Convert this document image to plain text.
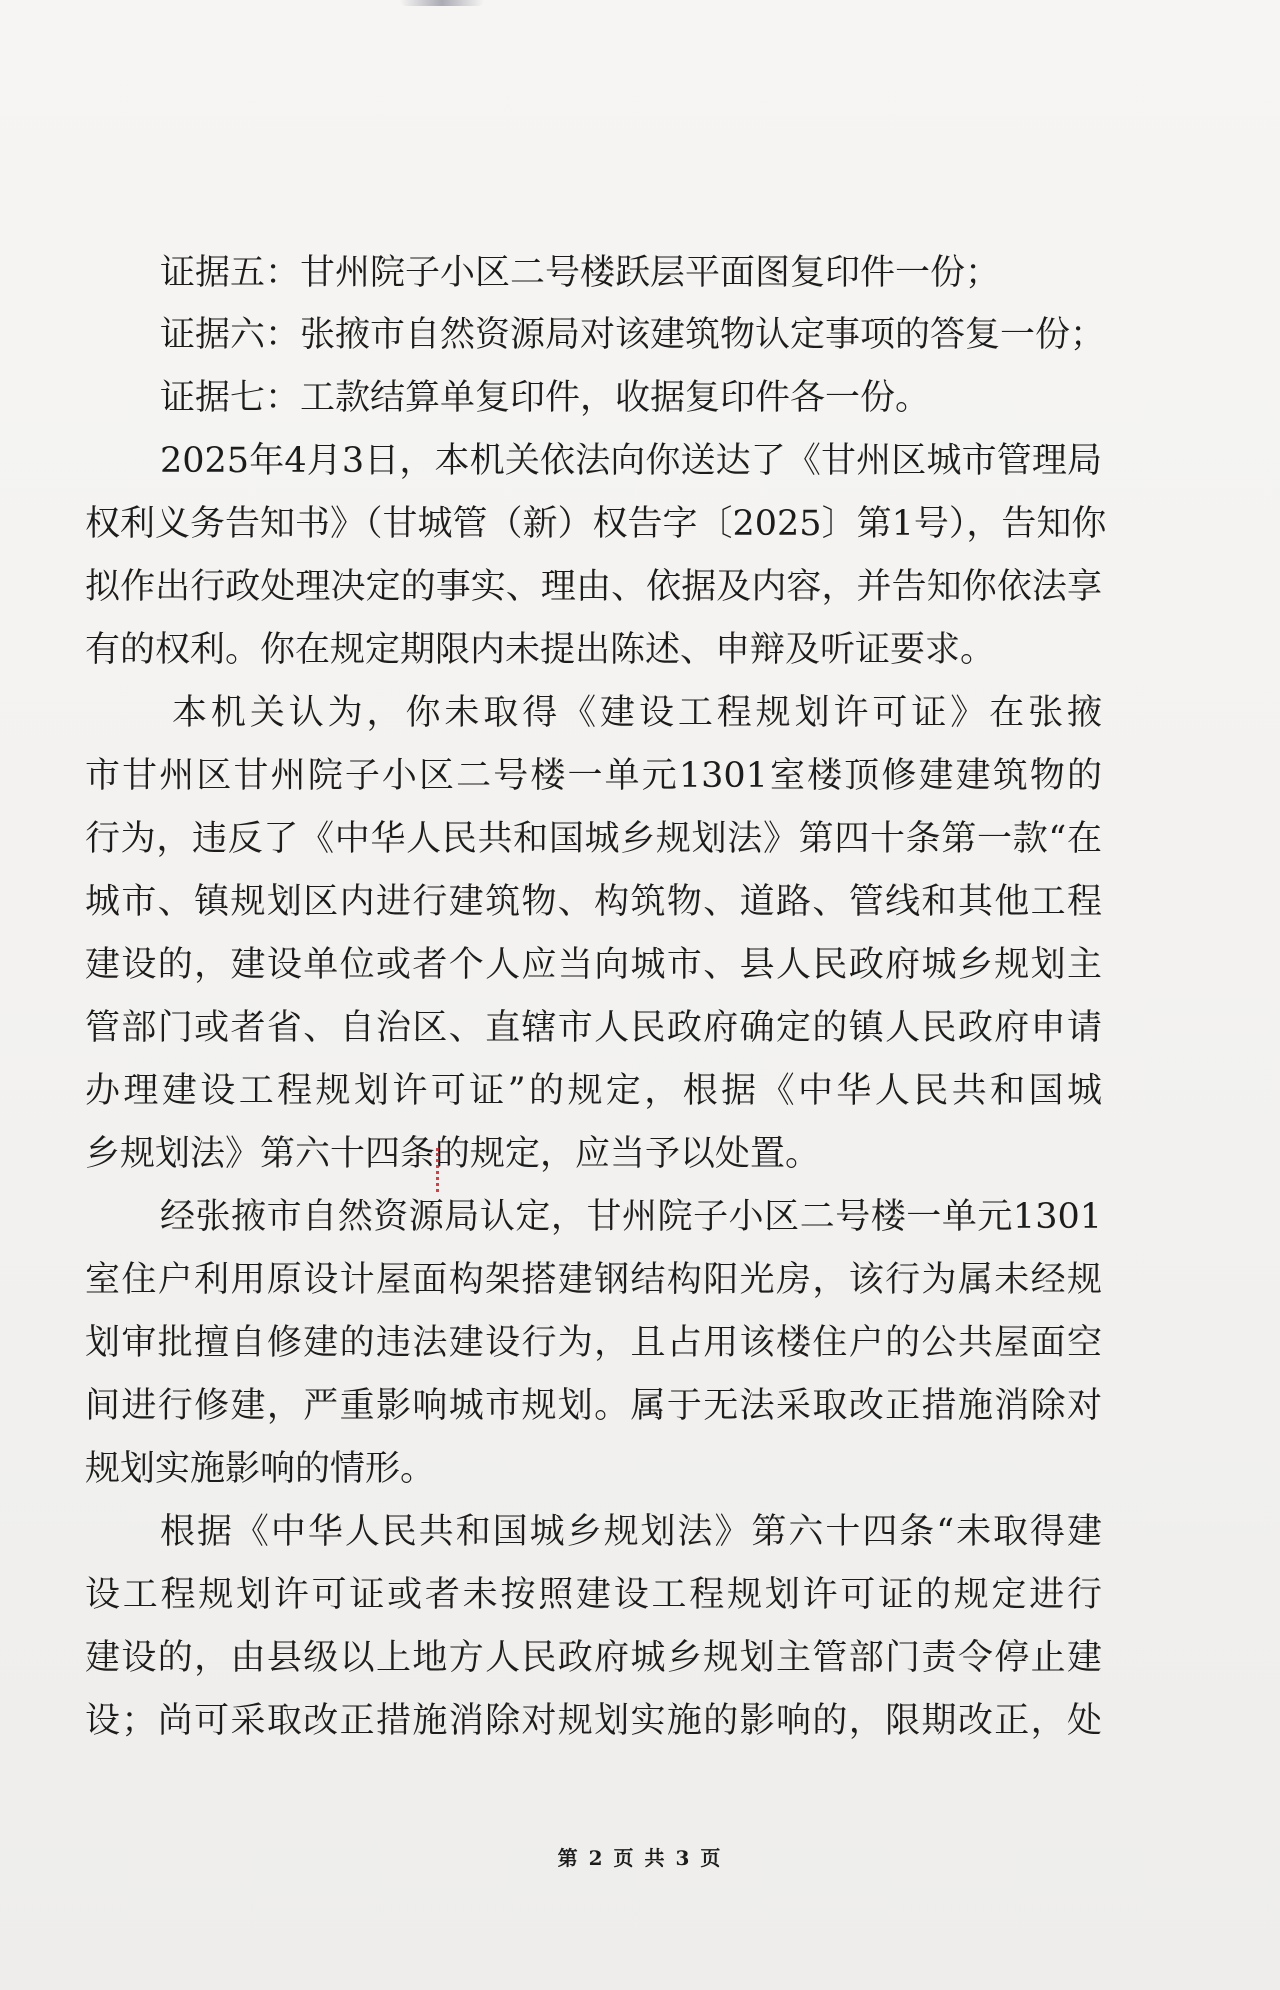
证据五：甘州院子小区二号楼跃层平面图复印件一份；

证据六：张掖市自然资源局对该建筑物认定事项的答复一份；

证据七：工款结算单复印件，收据复印件各一份。

2025年4月3日，本机关依法向你送达了《甘州区城市管理局

权利义务告知书》（甘城管（新）权告字〔2025〕第1号），告知你

拟作出行政处理决定的事实、理由、依据及内容，并告知你依法享

有的权利。你在规定期限内未提出陈述、申辩及听证要求。

本机关认为，你未取得《建设工程规划许可证》在张掖

市甘州区甘州院子小区二号楼一单元1301室楼顶修建建筑物的

行为，违反了《中华人民共和国城乡规划法》第四十条第一款“在

城市、镇规划区内进行建筑物、构筑物、道路、管线和其他工程

建设的，建设单位或者个人应当向城市、县人民政府城乡规划主

管部门或者省、自治区、直辖市人民政府确定的镇人民政府申请

办理建设工程规划许可证”的规定，根据《中华人民共和国城

乡规划法》第六十四条的规定，应当予以处置。

经张掖市自然资源局认定，甘州院子小区二号楼一单元1301

室住户利用原设计屋面构架搭建钢结构阳光房，该行为属未经规

划审批擅自修建的违法建设行为，且占用该楼住户的公共屋面空

间进行修建，严重影响城市规划。属于无法采取改正措施消除对

规划实施影响的情形。

根据《中华人民共和国城乡规划法》第六十四条“未取得建

设工程规划许可证或者未按照建设工程规划许可证的规定进行

建设的，由县级以上地方人民政府城乡规划主管部门责令停止建

设；尚可采取改正措施消除对规划实施的影响的，限期改正，处

第 2 页 共 3 页
